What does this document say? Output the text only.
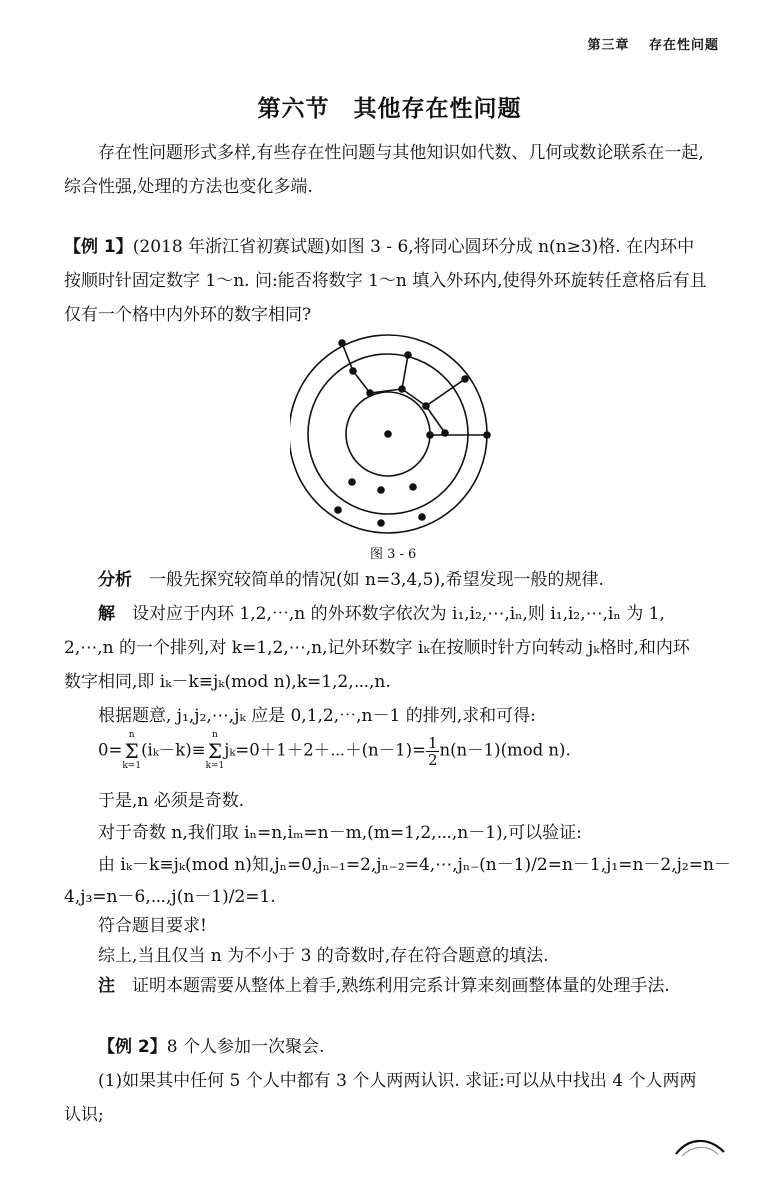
第三章　 存在性问题
第六节　其他存在性问题
存在性问题形式多样,有些存在性问题与其他知识如代数、几何或数论联系在一起,
综合性强,处理的方法也变化多端.
【例 1】(2018 年浙江省初赛试题)如图 3 - 6,将同心圆环分成 n(n≥3)格. 在内环中
按顺时针固定数字 1～n. 问:能否将数字 1～n 填入外环内,使得外环旋转任意格后有且
仅有一个格中内外环的数字相同?
图 3 - 6
分析　 一般先探究较简单的情况(如 n=3,4,5),希望发现一般的规律.
解　 设对应于内环 1,2,⋯,n 的外环数字依次为 i₁,i₂,⋯,iₙ,则 i₁,i₂,⋯,iₙ 为 1,
2,⋯,n 的一个排列,对 k=1,2,⋯,n,记外环数字 iₖ在按顺时针方向转动 jₖ格时,和内环
数字相同,即 iₖ－k≡jₖ(mod n),k=1,2,⋯,n.
根据题意, j₁,j₂,⋯,jₖ 应是 0,1,2,⋯,n－1 的排列,求和可得:
0=
n
Σ
k=1
(iₖ－k)≡
n
Σ
k=1
jₖ=0＋1＋2＋⋯＋(n－1)= $\frac{1}{2} n(n-1)(mod$ n).
于是,n 必须是奇数.
对于奇数 n,我们取 iₙ=n,iₘ=n－m,(m=1,2,⋯,n－1),可以验证:
由 iₖ－k≡jₖ(mod n)知,jₙ=0,jₙ₋₁=2,jₙ₋₂=4,⋯,jₙ₋(n－1)/2=n－1,j₁=n－2,j₂=n－
4,j₃=n－6,⋯,j(n－1)/2=1.
符合题目要求!
综上,当且仅当 n 为不小于 3 的奇数时,存在符合题意的填法.
注　 证明本题需要从整体上着手,熟练利用完系计算来刻画整体量的处理手法.
【例 2】8 个人参加一次聚会.
(1)如果其中任何 5 个人中都有 3 个人两两认识. 求证:可以从中找出 4 个人两两
认识;
